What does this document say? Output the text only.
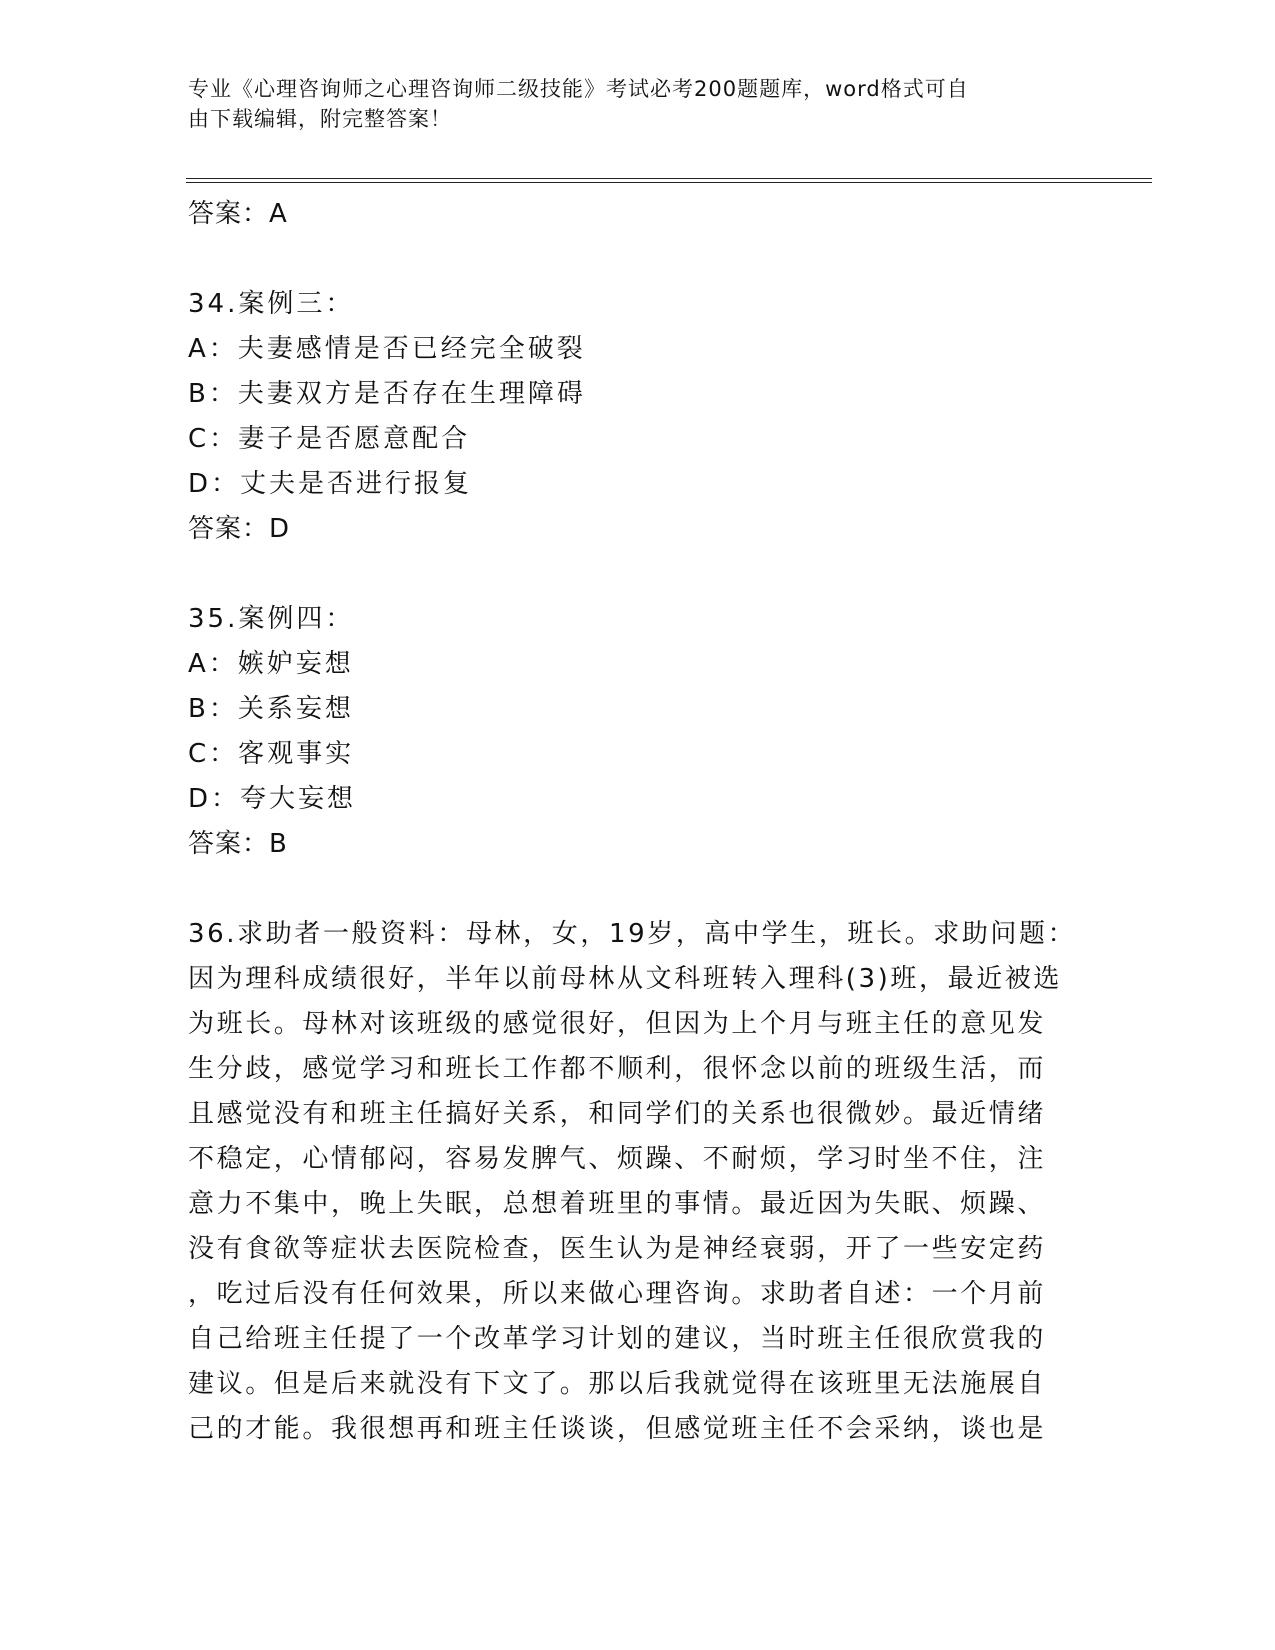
专业《心理咨询师之心理咨询师二级技能》考试必考200题题库，word格式可自
由下载编辑，附完整答案！
答案：A
34.案例三：
A：夫妻感情是否已经完全破裂
B：夫妻双方是否存在生理障碍
C：妻子是否愿意配合
D：丈夫是否进行报复
答案：D
35.案例四：
A：嫉妒妄想
B：关系妄想
C：客观事实
D：夸大妄想
答案：B
36.求助者一般资料：母林，女，19岁，高中学生，班长。求助问题：
因为理科成绩很好，半年以前母林从文科班转入理科(3)班，最近被选
为班长。母林对该班级的感觉很好，但因为上个月与班主任的意见发
生分歧，感觉学习和班长工作都不顺利，很怀念以前的班级生活，而
且感觉没有和班主任搞好关系，和同学们的关系也很微妙。最近情绪
不稳定，心情郁闷，容易发脾气、烦躁、不耐烦，学习时坐不住，注
意力不集中，晚上失眠，总想着班里的事情。最近因为失眠、烦躁、
没有食欲等症状去医院检查，医生认为是神经衰弱，开了一些安定药
，吃过后没有任何效果，所以来做心理咨询。求助者自述：一个月前
自己给班主任提了一个改革学习计划的建议，当时班主任很欣赏我的
建议。但是后来就没有下文了。那以后我就觉得在该班里无法施展自
己的才能。我很想再和班主任谈谈，但感觉班主任不会采纳，谈也是
